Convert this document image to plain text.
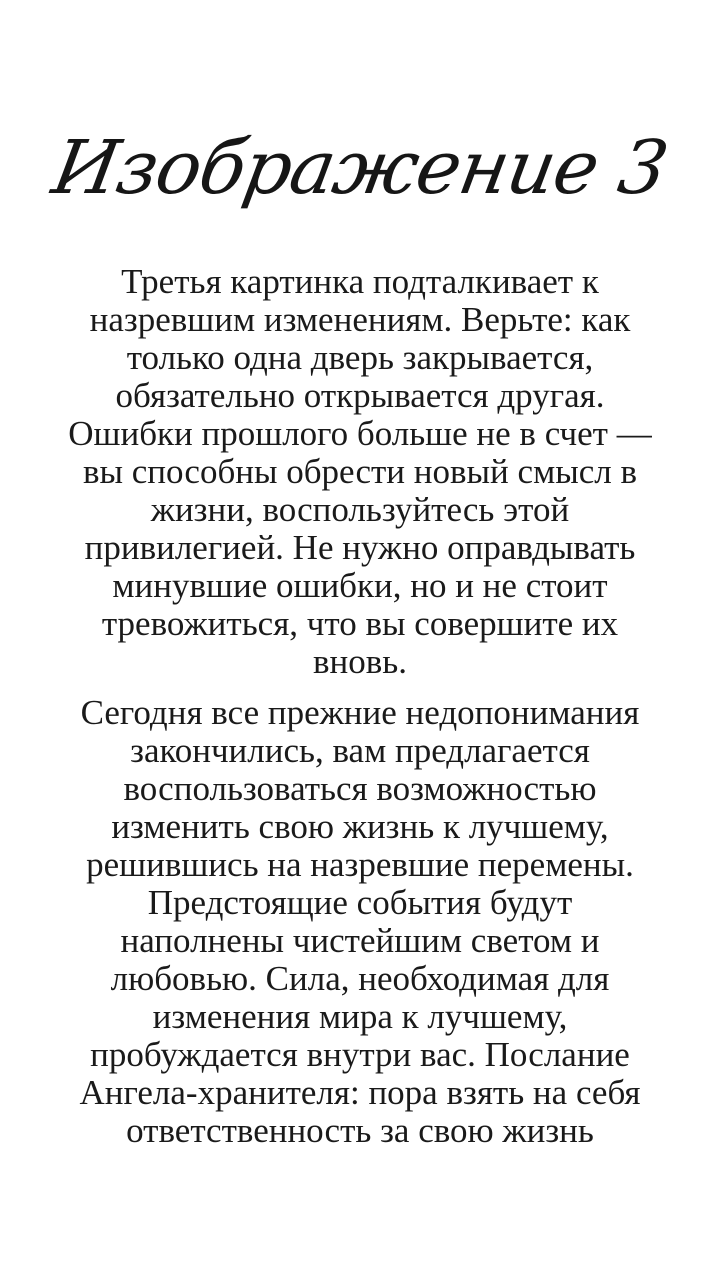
Изображение 3

Третья картинка подталкивает к
назревшим изменениям. Верьте: как
только одна дверь закрывается,
обязательно открывается другая.
Ошибки прошлого больше не в счет —
вы способны обрести новый смысл в
жизни, воспользуйтесь этой
привилегией. Не нужно оправдывать
минувшие ошибки, но и не стоит
тревожиться, что вы совершите их
вновь.

Сегодня все прежние недопонимания
закончились, вам предлагается
воспользоваться возможностью
изменить свою жизнь к лучшему,
решившись на назревшие перемены.
Предстоящие события будут
наполнены чистейшим светом и
любовью. Сила, необходимая для
изменения мира к лучшему,
пробуждается внутри вас. Послание
Ангела-хранителя: пора взять на себя
ответственность за свою жизнь
